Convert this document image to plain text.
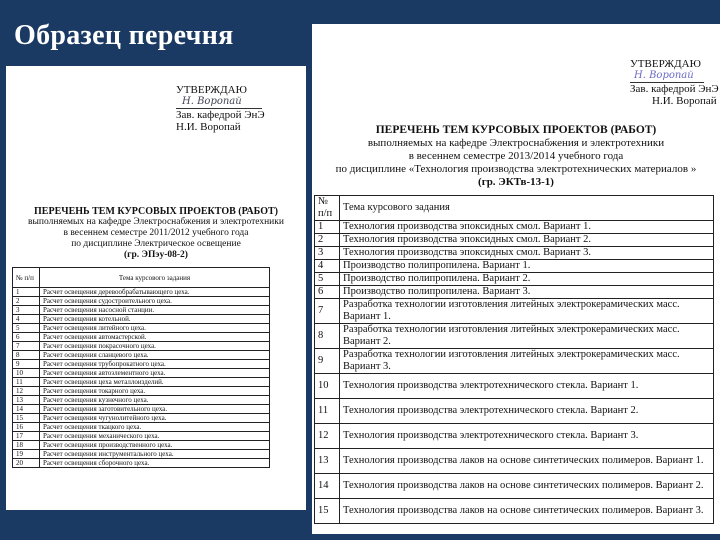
Образец перечня
УТВЕРЖДАЮ
Н. Воропай
Зав. кафедрой ЭнЭ
Н.И. Воропай
ПЕРЕЧЕНЬ ТЕМ КУРСОВЫХ ПРОЕКТОВ (РАБОТ)
выполняемых на кафедре Электроснабжения и электротехники
в весеннем семестре 2011/2012 учебного года
по дисциплине Электрическое освещение
(гр. ЭПэу-08-2)
№ п/п	Тема курсового задания
1	Расчет освещения деревообрабатывающего цеха.
2	Расчет освещения судостроительного цеха.
3	Расчет освещения насосной станции.
4	Расчет освещения котельной.
5	Расчет освещения литейного цеха.
6	Расчет освещения автомастерской.
7	Расчет освещения покрасочного цеха.
8	Расчет освещения сланцевого цеха.
9	Расчет освещения трубопрокатного цеха.
10	Расчет освещения автоэлементного цеха.
11	Расчет освещения цеха металлоизделий.
12	Расчет освещения токарного цеха.
13	Расчет освещения кузнечного цеха.
14	Расчет освещения заготовительного цеха.
15	Расчет освещения чугунолитейного цеха.
16	Расчет освещения ткацкого цеха.
17	Расчет освещения механического цеха.
18	Расчет освещения производственного цеха.
19	Расчет освещения инструментального цеха.
20	Расчет освещения сборочного цеха.
УТВЕРЖДАЮ
Н. Воропай
Зав. кафедрой ЭнЭ
Н.И. Воропай
ПЕРЕЧЕНЬ ТЕМ КУРСОВЫХ ПРОЕКТОВ (РАБОТ)
выполняемых на кафедре Электроснабжения и электротехники
в весеннем семестре 2013/2014 учебного года
по дисциплине «Технология производства электротехнических материалов »
(гр. ЭКТв-13-1)
№ п/п	Тема курсового задания
1	Технология производства эпоксидных смол. Вариант 1.
2	Технология производства эпоксидных смол. Вариант 2.
3	Технология производства эпоксидных смол. Вариант 3.
4	Производство полипропилена. Вариант 1.
5	Производство полипропилена. Вариант 2.
6	Производство полипропилена. Вариант 3.
7	Разработка технологии изготовления литейных электрокерамических масс. Вариант 1.
8	Разработка технологии изготовления литейных электрокерамических масс. Вариант 2.
9	Разработка технологии изготовления литейных электрокерамических масс. Вариант 3.
10	Технология производства электротехнического стекла. Вариант 1.
11	Технология производства электротехнического стекла. Вариант 2.
12	Технология производства электротехнического стекла. Вариант 3.
13	Технология производства лаков на основе синтетических полимеров. Вариант 1.
14	Технология производства лаков на основе синтетических полимеров. Вариант 2.
15	Технология производства лаков на основе синтетических полимеров. Вариант 3.
